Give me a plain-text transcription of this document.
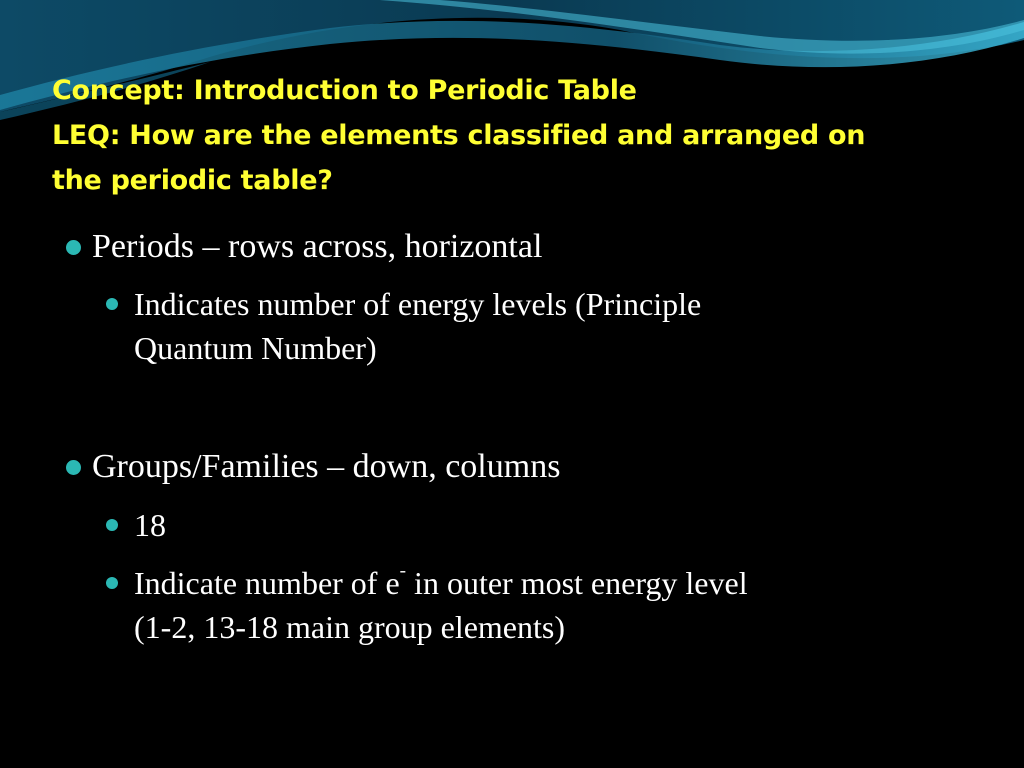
Concept: Introduction to Periodic Table
LEQ: How are the elements classified and arranged on
the periodic table?
Periods – rows across, horizontal
Indicates number of energy levels (Principle
Quantum Number)
Groups/Families – down, columns
18
Indicate number of e- in outer most energy level
(1-2, 13-18 main group elements)
